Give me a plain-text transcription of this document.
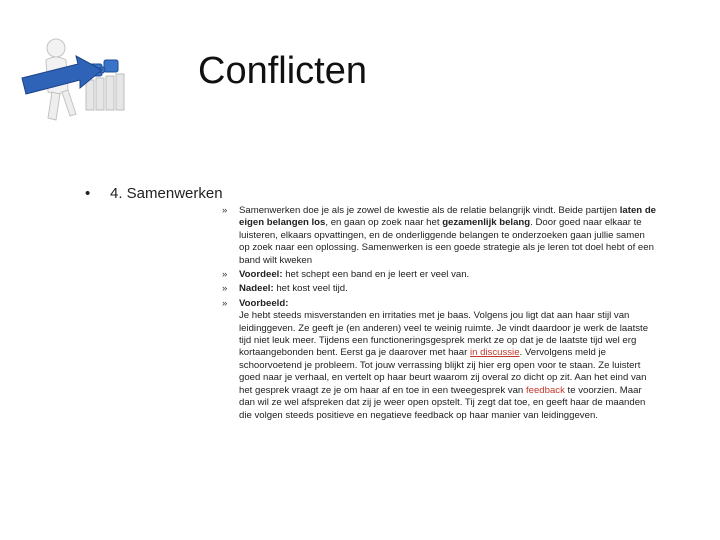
Conflicten
• 4. Samenwerken
»	Samenwerken doe je als je zowel de kwestie als de relatie belangrijk vindt. Beide partijen laten de eigen belangen los, en gaan op zoek naar het gezamenlijk belang. Door goed naar elkaar te luisteren, elkaars opvattingen, en de onderliggende belangen te onderzoeken gaan jullie samen op zoek naar een oplossing. Samenwerken is een goede strategie als je leren tot doel hebt of een band wilt kweken
»	Voordeel: het schept een band en je leert er veel van.
»	Nadeel: het kost veel tijd.
»	Voorbeeld:
Je hebt steeds misverstanden en irritaties met je baas. Volgens jou ligt dat aan haar stijl van leidinggeven. Ze geeft je (en anderen) veel te weinig ruimte. Je vindt daardoor je werk de laatste tijd niet leuk meer. Tijdens een functioneringsgesprek merkt ze op dat je de laatste tijd wel erg kortaangebonden bent. Eerst ga je daarover met haar in discussie. Vervolgens meld je schoorvoetend je probleem. Tot jouw verrassing blijkt zij hier erg open voor te staan. Ze luistert goed naar je verhaal, en vertelt op haar beurt waarom zij overal zo dicht op zit. Aan het eind van het gesprek vraagt ze je om haar af en toe in een tweegesprek van feedback te voorzien. Maar dan wil ze wel afspreken dat zij je weer open opstelt. Tij zegt dat toe, en geeft haar de maanden die volgen steeds positieve en negatieve feedback op haar manier van leidinggeven.
